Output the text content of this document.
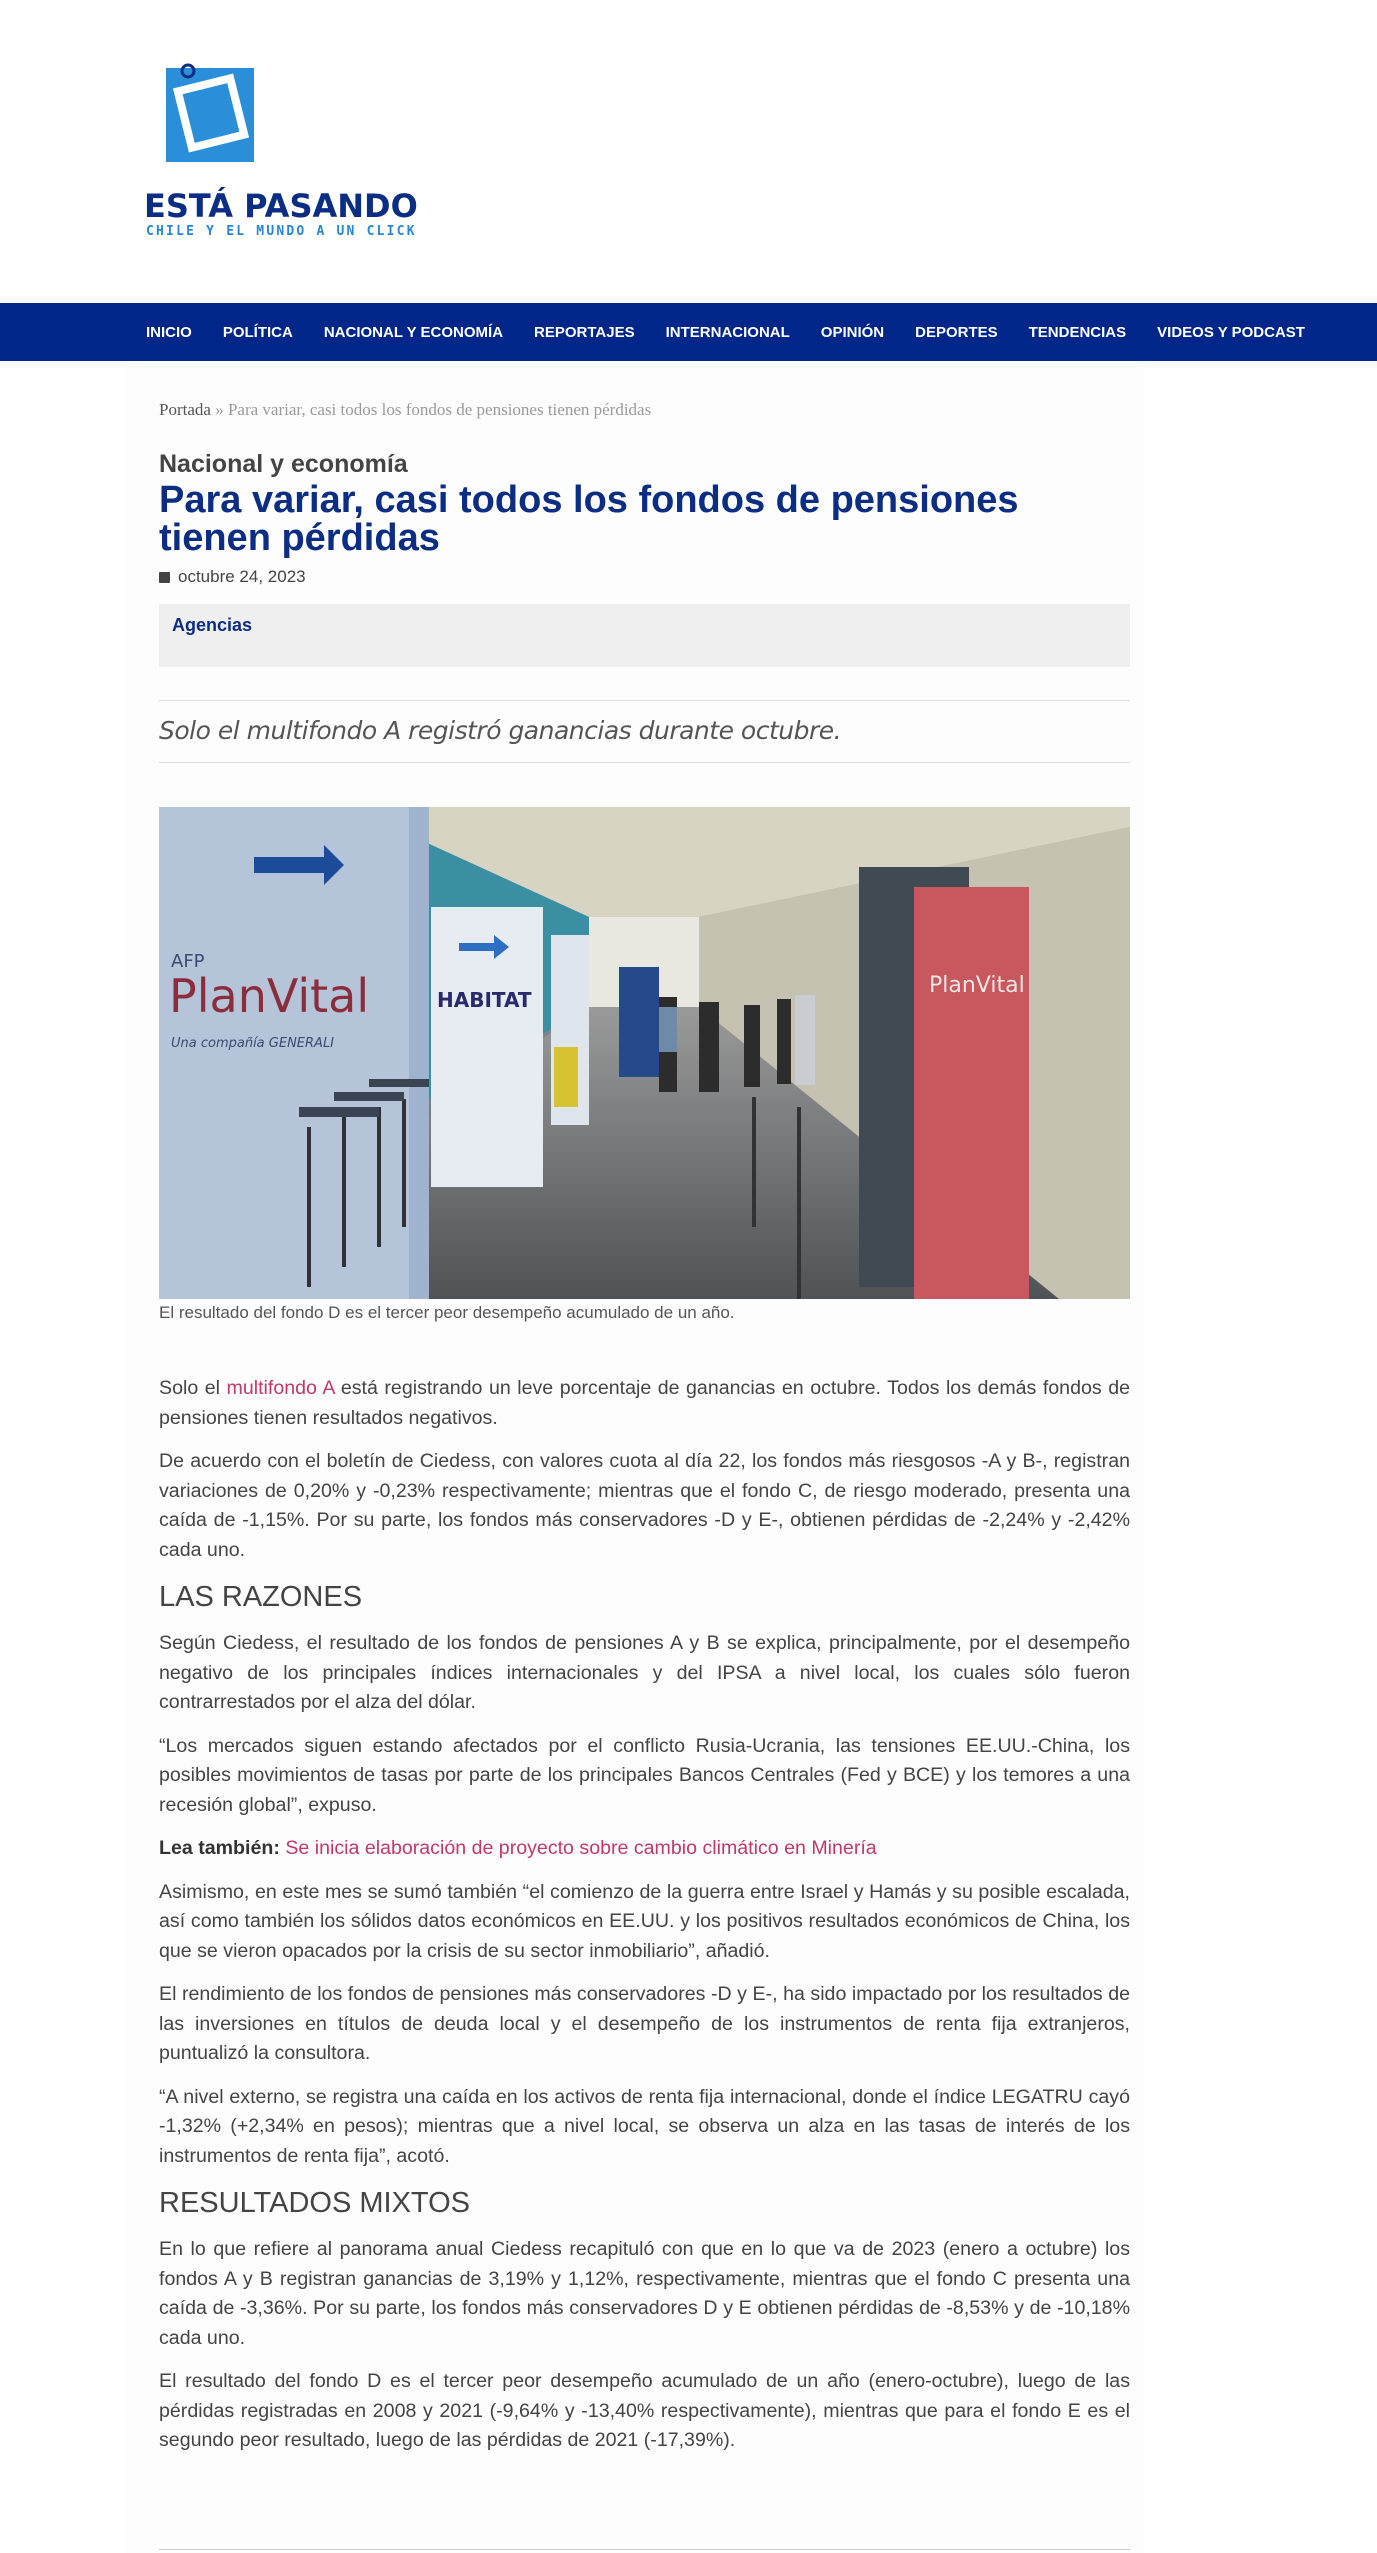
ESTÁ PASANDO
CHILE Y EL MUNDO A UN CLICK
INICIO POLÍTICA NACIONAL Y ECONOMÍA REPORTAJES INTERNACIONAL OPINIÓN DEPORTES TENDENCIAS VIDEOS Y PODCAST
Portada » Para variar, casi todos los fondos de pensiones tienen pérdidas
Nacional y economía
Para variar, casi todos los fondos de pensiones tienen pérdidas
octubre 24, 2023
Agencias
Solo el multifondo A registró ganancias durante octubre.
AFP
PlanVital
Una compañía GENERALI
HABITAT
PlanVital
El resultado del fondo D es el tercer peor desempeño acumulado de un año.

Solo el multifondo A está registrando un leve porcentaje de ganancias en octubre. Todos los demás fondos de pensiones tienen resultados negativos.

De acuerdo con el boletín de Ciedess, con valores cuota al día 22, los fondos más riesgosos -A y B-, registran variaciones de 0,20% y -0,23% respectivamente; mientras que el fondo C, de riesgo moderado, presenta una caída de -1,15%. Por su parte, los fondos más conservadores -D y E-, obtienen pérdidas de -2,24% y -2,42% cada uno.

LAS RAZONES

Según Ciedess, el resultado de los fondos de pensiones A y B se explica, principalmente, por el desempeño negativo de los principales índices internacionales y del IPSA a nivel local, los cuales sólo fueron contrarrestados por el alza del dólar.

“Los mercados siguen estando afectados por el conflicto Rusia-Ucrania, las tensiones EE.UU.-China, los posibles movimientos de tasas por parte de los principales Bancos Centrales (Fed y BCE) y los temores a una recesión global”, expuso.

Lea también: Se inicia elaboración de proyecto sobre cambio climático en Minería

Asimismo, en este mes se sumó también “el comienzo de la guerra entre Israel y Hamás y su posible escalada, así como también los sólidos datos económicos en EE.UU. y los positivos resultados económicos de China, los que se vieron opacados por la crisis de su sector inmobiliario”, añadió.

El rendimiento de los fondos de pensiones más conservadores -D y E-, ha sido impactado por los resultados de las inversiones en títulos de deuda local y el desempeño de los instrumentos de renta fija extranjeros, puntualizó la consultora.

“A nivel externo, se registra una caída en los activos de renta fija internacional, donde el índice LEGATRU cayó -1,32% (+2,34% en pesos); mientras que a nivel local, se observa un alza en las tasas de interés de los instrumentos de renta fija”, acotó.

RESULTADOS MIXTOS

En lo que refiere al panorama anual Ciedess recapituló con que en lo que va de 2023 (enero a octubre) los fondos A y B registran ganancias de 3,19% y 1,12%, respectivamente, mientras que el fondo C presenta una caída de -3,36%. Por su parte, los fondos más conservadores D y E obtienen pérdidas de -8,53% y de -10,18% cada uno.

El resultado del fondo D es el tercer peor desempeño acumulado de un año (enero-octubre), luego de las pérdidas registradas en 2008 y 2021 (-9,64% y -13,40% respectivamente), mientras que para el fondo E es el segundo peor resultado, luego de las pérdidas de 2021 (-17,39%).
